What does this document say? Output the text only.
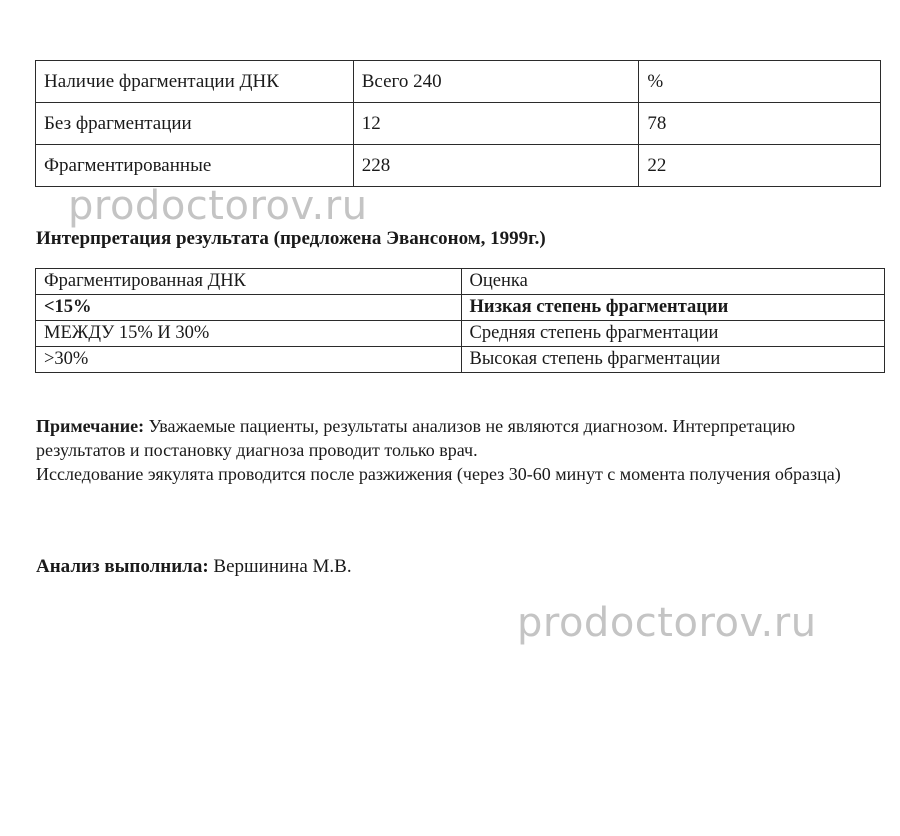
Наличие фрагментации ДНК	Всего 240	%
Без фрагментации	12	78
Фрагментированные	228	22
prodoctorov.ru
Интерпретация результата (предложена Эвансоном, 1999г.)
Фрагментированная ДНК	Оценка
<15%	Низкая степень фрагментации
МЕЖДУ 15% И 30%	Средняя степень фрагментации
>30%	Высокая степень фрагментации

Примечание: Уважаемые пациенты, результаты анализов не являются диагнозом. Интерпретацию результатов и постановку диагноза проводит только врач.

Исследование эякулята проводится после разжижения (через 30-60 минут с момента получения образца)

Анализ выполнила: Вершинина М.В.
prodoctorov.ru
